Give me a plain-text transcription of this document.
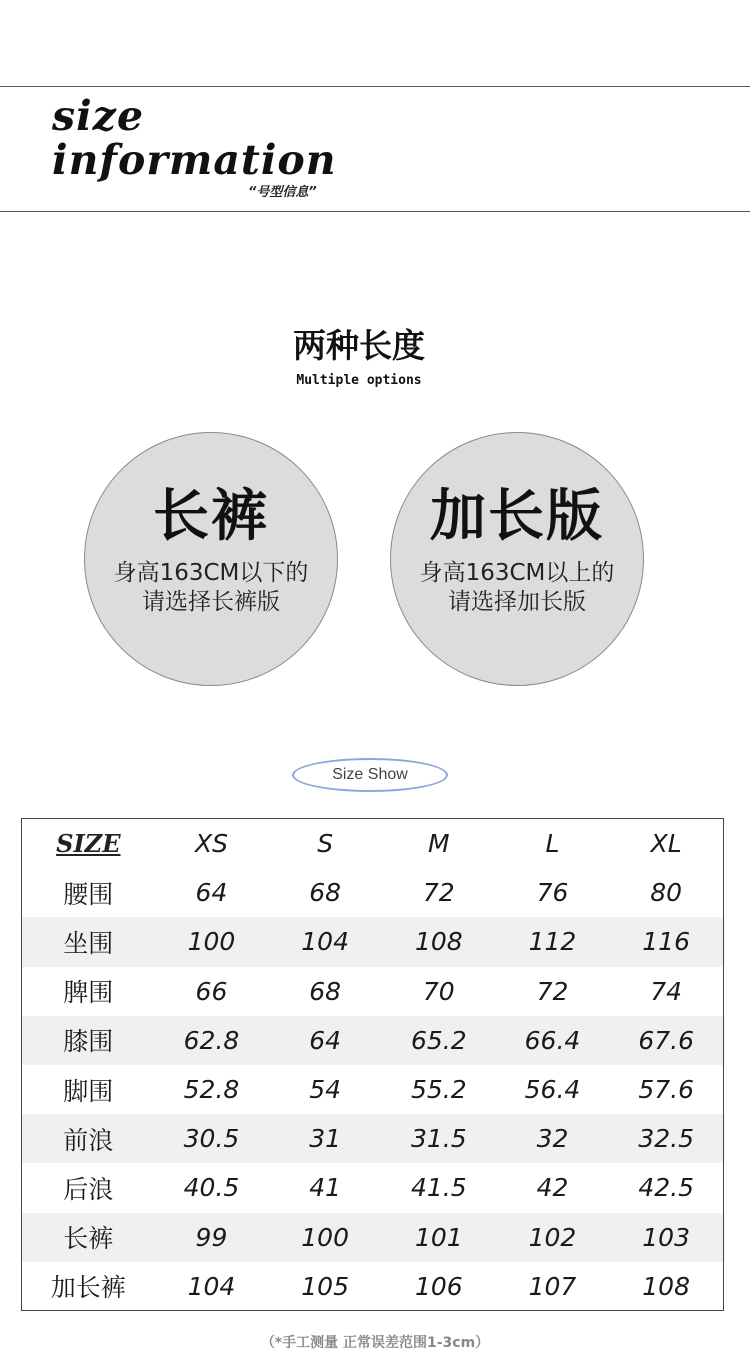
size
information
“号型信息”
两种长度
Multiple options
长裤
身高163CM以下的
请选择长裤版
加长版
身高163CM以上的
请选择加长版
Size Show
SIZE	XS	S	M	L	XL
腰围	64	68	72	76	80
坐围	100	104	108	112	116
脾围	66	68	70	72	74
膝围	62.8	64	65.2	66.4	67.6
脚围	52.8	54	55.2	56.4	57.6
前浪	30.5	31	31.5	32	32.5
后浪	40.5	41	41.5	42	42.5
长裤	99	100	101	102	103
加长裤	104	105	106	107	108
（*手工测量 正常误差范围1-3cm）
